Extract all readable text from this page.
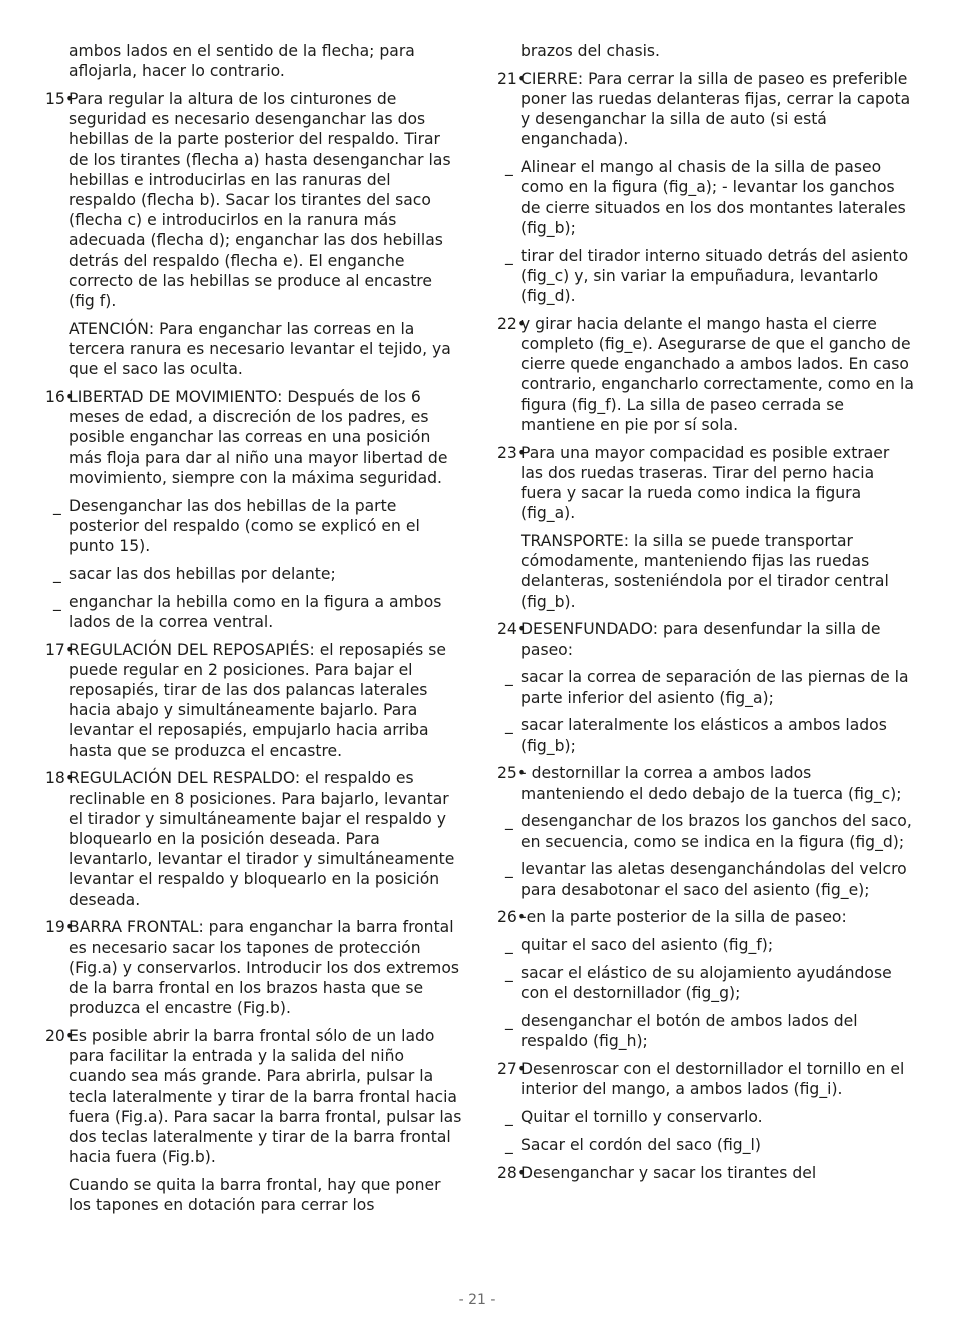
ambos lados en el sentido de la flecha; para aflojarla, hacer lo contrario.
15•
Para regular la altura de los cinturones de seguridad es necesario desenganchar las dos hebillas de la parte posterior del respaldo. Tirar de los tirantes (flecha a) hasta desenganchar las hebillas e introducirlas en las ranuras del respaldo (flecha b). Sacar los tirantes del saco (flecha c) e introducirlos en la ranura más adecuada (flecha d); enganchar las dos hebillas detrás del respaldo (flecha e). El enganche correcto de las hebillas se produce al encastre (fig f).
ATENCIÓN: Para enganchar las correas en la tercera ranura es necesario levantar el tejido, ya que el saco las oculta.
16•
LIBERTAD DE MOVIMIENTO: Después de los 6 meses de edad, a discreción de los padres, es posible enganchar las correas en una posición más floja para dar al niño una mayor libertad de movimiento, siempre con la máxima seguridad.
_ Desenganchar las dos hebillas de la parte posterior del respaldo (como se explicó en el punto 15).
_ sacar las dos hebillas por delante;
_ enganchar la hebilla como en la figura a ambos lados de la correa ventral.
17•
REGULACIÓN DEL REPOSAPIÉS: el reposapiés se puede regular en 2 posiciones. Para bajar el reposapiés, tirar de las dos palancas laterales hacia abajo y simultáneamente bajarlo. Para levantar el reposapiés, empujarlo hacia arriba hasta que se produzca el encastre.
18•
REGULACIÓN DEL RESPALDO: el respaldo es reclinable en 8 posiciones. Para bajarlo, levantar el tirador y simultáneamente bajar el respaldo y bloquearlo en la posición deseada. Para levantarlo, levantar el tirador y simultáneamente levantar el respaldo y bloquearlo en la posición deseada.
19•
BARRA FRONTAL: para enganchar la barra frontal es necesario sacar los tapones de protección (Fig.a) y conservarlos. Introducir los dos extremos de la barra frontal en los brazos hasta que se produzca el encastre (Fig.b).
20•
Es posible abrir la barra frontal sólo de un lado para facilitar la entrada y la salida del niño cuando sea más grande. Para abrirla, pulsar la tecla lateralmente y tirar de la barra frontal hacia fuera (Fig.a). Para sacar la barra frontal, pulsar las dos teclas lateralmente y tirar de la barra frontal hacia fuera (Fig.b).
Cuando se quita la barra frontal, hay que poner los tapones en dotación para cerrar los
brazos del chasis.
21•
CIERRE: Para cerrar la silla de paseo es preferible poner las ruedas delanteras fijas, cerrar la capota y desenganchar la silla de auto (si está enganchada).
_ Alinear el mango al chasis de la silla de paseo como en la figura (fig_a); - levantar los ganchos de cierre situados en los dos montantes laterales (fig_b);
_ tirar del tirador interno situado detrás del asiento (fig_c) y, sin variar la empuñadura, levantarlo (fig_d).
22•
y girar hacia delante el mango hasta el cierre completo (fig_e). Asegurarse de que el gancho de cierre quede enganchado a ambos lados. En caso contrario, engancharlo correctamente, como en la figura (fig_f). La silla de paseo cerrada se mantiene en pie por sí sola.
23•
Para una mayor compacidad es posible extraer las dos ruedas traseras. Tirar del perno hacia fuera y sacar la rueda como indica la figura (fig_a).
TRANSPORTE: la silla se puede transportar cómodamente, manteniendo fijas las ruedas delanteras, sosteniéndola por el tirador central (fig_b).
24•
DESENFUNDADO: para desenfundar la silla de paseo:
_ sacar la correa de separación de las piernas de la parte inferior del asiento (fig_a);
_ sacar lateralmente los elásticos a ambos lados (fig_b);
25•
- destornillar la correa a ambos lados manteniendo el dedo debajo de la tuerca (fig_c);
_ desenganchar de los brazos los ganchos del saco, en secuencia, como se indica en la figura (fig_d);
_ levantar las aletas desenganchándolas del velcro para desabotonar el saco del asiento (fig_e);
26•
-en la parte posterior de la silla de paseo:
_ quitar el saco del asiento (fig_f);
_ sacar el elástico de su alojamiento ayudándose con el destornillador (fig_g);
_ desenganchar el botón de ambos lados del respaldo (fig_h);
27•
Desenroscar con el destornillador el tornillo en el interior del mango, a ambos lados (fig_i).
_ Quitar el tornillo y conservarlo.
_ Sacar el cordón del saco (fig_l)
28•
Desenganchar y sacar los tirantes del
- 21 -
